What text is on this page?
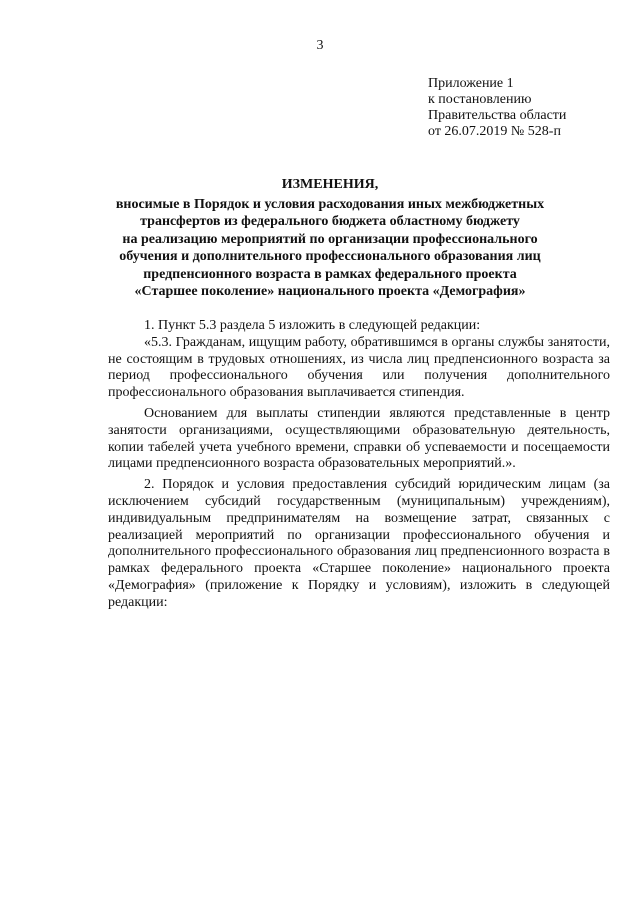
3
Приложение 1
к постановлению
Правительства области
от 26.07.2019 № 528-п
ИЗМЕНЕНИЯ,
вносимые в Порядок и условия расходования иных межбюджетных
трансфертов из федерального бюджета областному бюджету
на реализацию мероприятий по организации профессионального
обучения и дополнительного профессионального образования лиц
предпенсионного возраста в рамках федерального проекта
«Старшее поколение» национального проекта «Демография»

1. Пункт 5.3 раздела 5 изложить в следующей редакции:

«5.3. Гражданам, ищущим работу, обратившимся в органы службы занятости, не состоящим в трудовых отношениях, из числа лиц предпенсионного возраста за период профессионального обучения или получения дополнительного профессионального образования выплачивается стипендия.

Основанием для выплаты стипендии являются представленные в центр занятости организациями, осуществляющими образовательную деятельность, копии табелей учета учебного времени, справки об успеваемости и посещаемости лицами предпенсионного возраста образовательных мероприятий.».

2. Порядок и условия предоставления субсидий юридическим лицам (за исключением субсидий государственным (муниципальным) учреждениям), индивидуальным предпринимателям на возмещение затрат, связанных с реализацией мероприятий по организации профессионального обучения и дополнительного профессионального образования лиц предпенсионного возраста в рамках федерального проекта «Старшее поколение» национального проекта «Демография» (приложение к Порядку и условиям), изложить в следующей редакции:
